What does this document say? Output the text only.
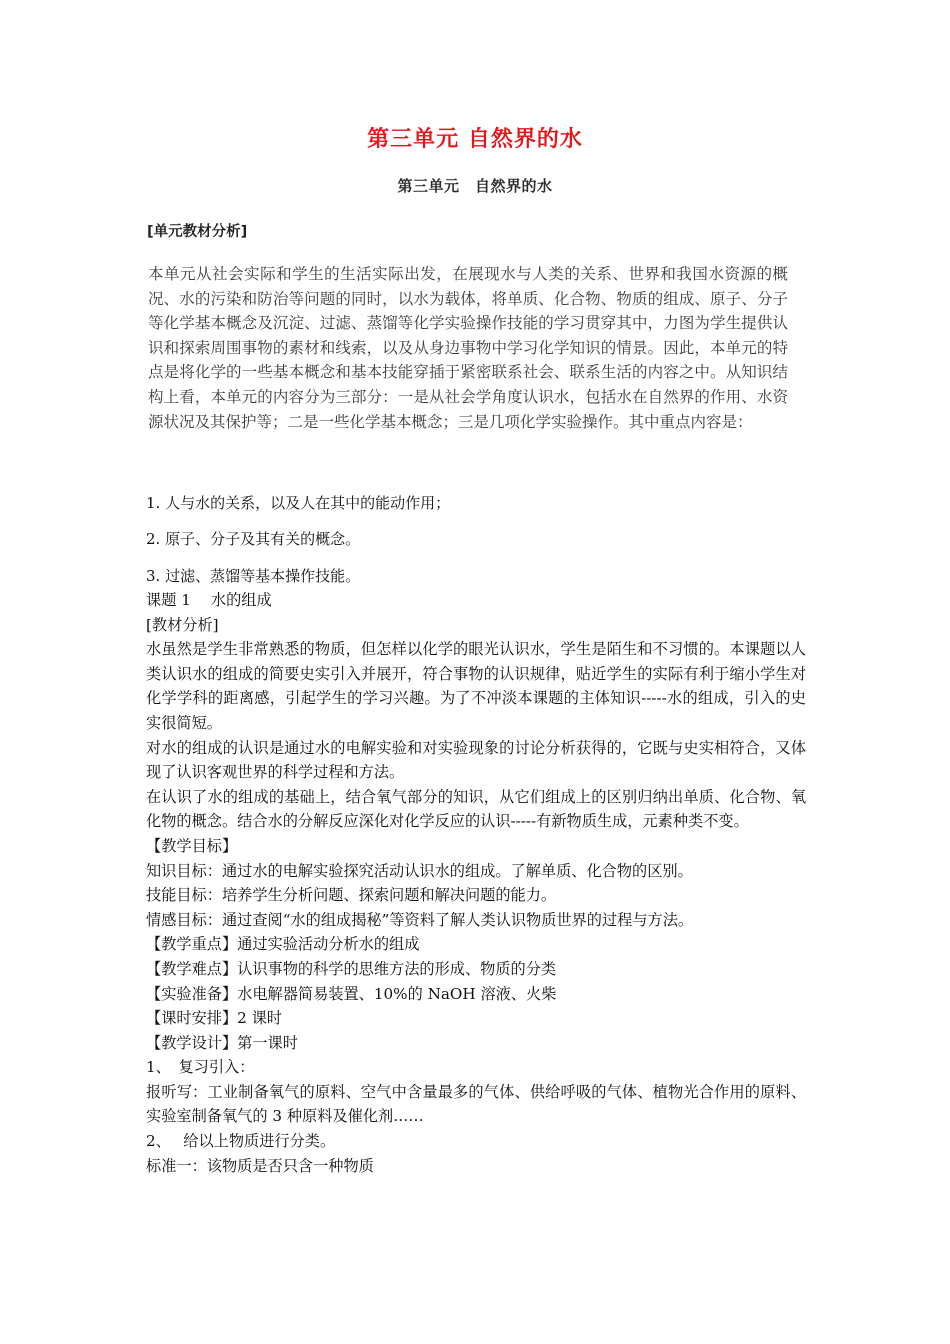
第三单元 自然界的水
第三单元　自然界的水
[单元教材分析]

本单元从社会实际和学生的生活实际出发，在展现水与人类的关系、世界和我国水资源的概况、水的污染和防治等问题的同时，以水为载体，将单质、化合物、物质的组成、原子、分子等化学基本概念及沉淀、过滤、蒸馏等化学实验操作技能的学习贯穿其中，力图为学生提供认识和探索周围事物的素材和线索，以及从身边事物中学习化学知识的情景。因此，本单元的特点是将化学的一些基本概念和基本技能穿插于紧密联系社会、联系生活的内容之中。从知识结构上看，本单元的内容分为三部分：一是从社会学角度认识水，包括水在自然界的作用、水资源状况及其保护等；二是一些化学基本概念；三是几项化学实验操作。其中重点内容是：

1. 人与水的关系，以及人在其中的能动作用；
2. 原子、分子及其有关的概念。
3. 过滤、蒸馏等基本操作技能。

课题 1　 水的组成

[教材分析]

水虽然是学生非常熟悉的物质，但怎样以化学的眼光认识水，学生是陌生和不习惯的。本课题以人类认识水的组成的简要史实引入并展开，符合事物的认识规律，贴近学生的实际有利于缩小学生对化学学科的距离感，引起学生的学习兴趣。为了不冲淡本课题的主体知识-----水的组成，引入的史实很简短。

对水的组成的认识是通过水的电解实验和对实验现象的讨论分析获得的，它既与史实相符合，又体现了认识客观世界的科学过程和方法。

在认识了水的组成的基础上，结合氧气部分的知识，从它们组成上的区别归纳出单质、化合物、氧化物的概念。结合水的分解反应深化对化学反应的认识-----有新物质生成，元素种类不变。

【教学目标】

知识目标：通过水的电解实验探究活动认识水的组成。了解单质、化合物的区别。

技能目标：培养学生分析问题、探索问题和解决问题的能力。

情感目标：通过查阅“水的组成揭秘”等资料了解人类认识物质世界的过程与方法。

【教学重点】通过实验活动分析水的组成

【教学难点】认识事物的科学的思维方法的形成、物质的分类

【实验准备】水电解器简易装置、10%的 NaOH 溶液、火柴

【课时安排】2 课时

【教学设计】第一课时

1、　复习引入：

报听写：工业制备氧气的原料、空气中含量最多的气体、供给呼吸的气体、植物光合作用的原料、实验室制备氧气的 3 种原料及催化剂……

2、　 给以上物质进行分类。

标准一：该物质是否只含一种物质
